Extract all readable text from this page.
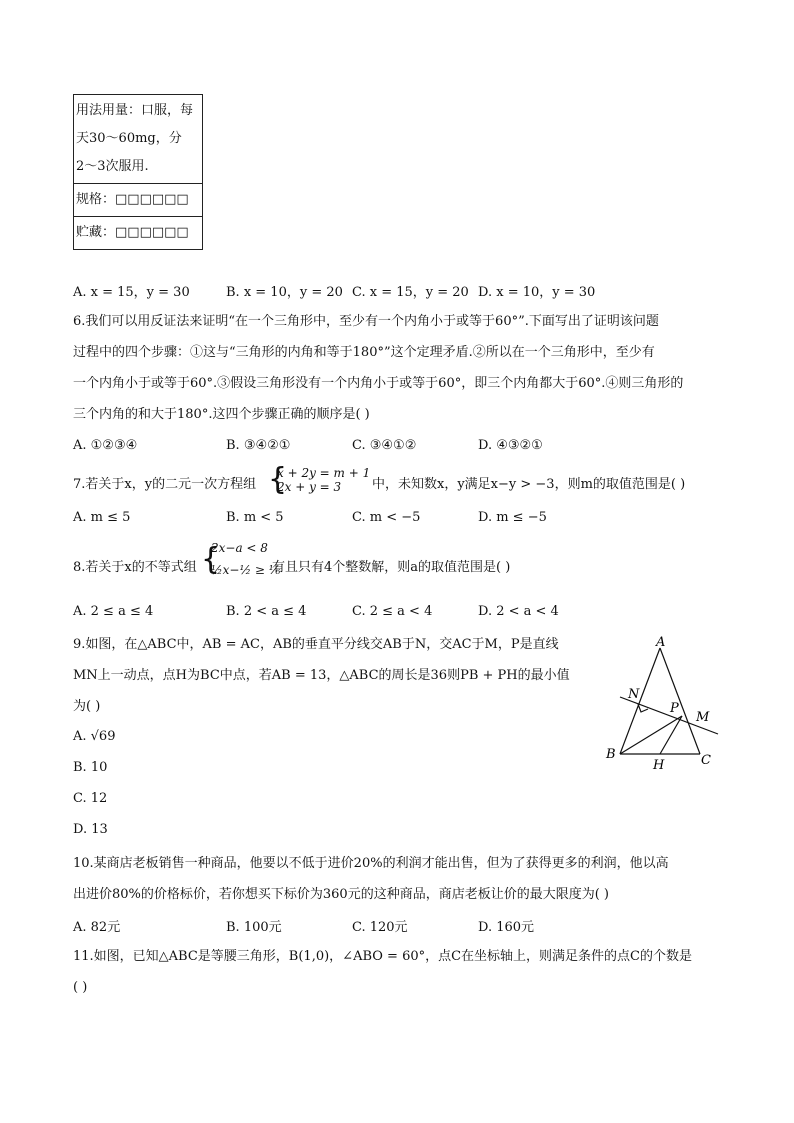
用法用量：口服，每
天30～60mg，分
2～3次服用.

规格：□□□□□□
贮藏：□□□□□□
A. x = 15，y = 30	B. x = 10，y = 20 C. x = 15，y = 20 D. x = 10，y = 30
6.我们可以用反证法来证明“在一个三角形中，至少有一个内角小于或等于60°”.下面写出了证明该问题
过程中的四个步骤：①这与“三角形的内角和等于180°”这个定理矛盾.②所以在一个三角形中，至少有
一个内角小于或等于60°.③假设三角形没有一个内角小于或等于60°，即三个内角都大于60°.④则三角形的
三个内角的和大于180°.这四个步骤正确的顺序是( )
A. ①②③④	B. ③④②①	C. ③④①②	D. ④③②①
7.若关于x，y的二元一次方程组 {
x + 2y = m + 1
2x + y = 3 中，未知数x，y满足x−y > −3，则m的取值范围是( )
A. m ≤ 5	B. m < 5	C. m < −5	D. m ≤ −5
8.若关于x的不等式组 {
2x−a < 8
½x−½ ≥ ⅙
有且只有4个整数解，则a的取值范围是( )
A. 2 ≤ a ≤ 4	B. 2 < a ≤ 4	C. 2 ≤ a < 4	D. 2 < a < 4
9.如图，在△ABC中，AB = AC，AB的垂直平分线交AB于N，交AC于M，P是直线
MN上一动点，点H为BC中点，若AB = 13，△ABC的周长是36则PB + PH的最小值
为( )
A. √69
B. 10
C. 12
D. 13
A
B	C
N
M
P
H
10.某商店老板销售一种商品，他要以不低于进价20%的利润才能出售，但为了获得更多的利润，他以高
出进价80%的价格标价，若你想买下标价为360元的这种商品，商店老板让价的最大限度为( )
A. 82元	B. 100元	C. 120元	D. 160元
11.如图，已知△ABC是等腰三角形，B(1,0)，∠ABO = 60°，点C在坐标轴上，则满足条件的点C的个数是
( )
